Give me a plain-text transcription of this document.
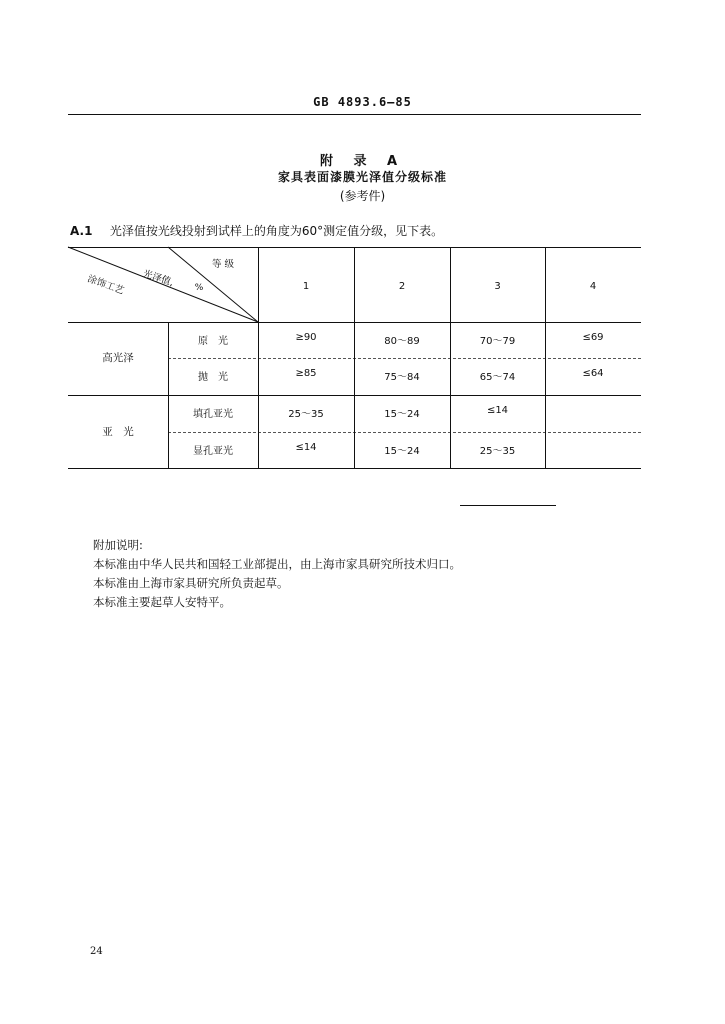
GB 4893.6—85
附 录 A
家具表面漆膜光泽值分级标准
(参考件)
A.1 光泽值按光线投射到试样上的角度为60°测定值分级，见下表。
等 级
光泽值,	%
涂饰工艺	1	2	3	4
高光泽
原　光	≥90	80～89	70～79	≤69
抛　光	≥85	75～84	65～74	≤64
亚　光
填孔亚光	25～35	15～24	≤14
显孔亚光	≤14	15～24	25～35
附加说明:
本标准由中华人民共和国轻工业部提出，由上海市家具研究所技术归口。
本标准由上海市家具研究所负责起草。
本标准主要起草人安特平。
24
